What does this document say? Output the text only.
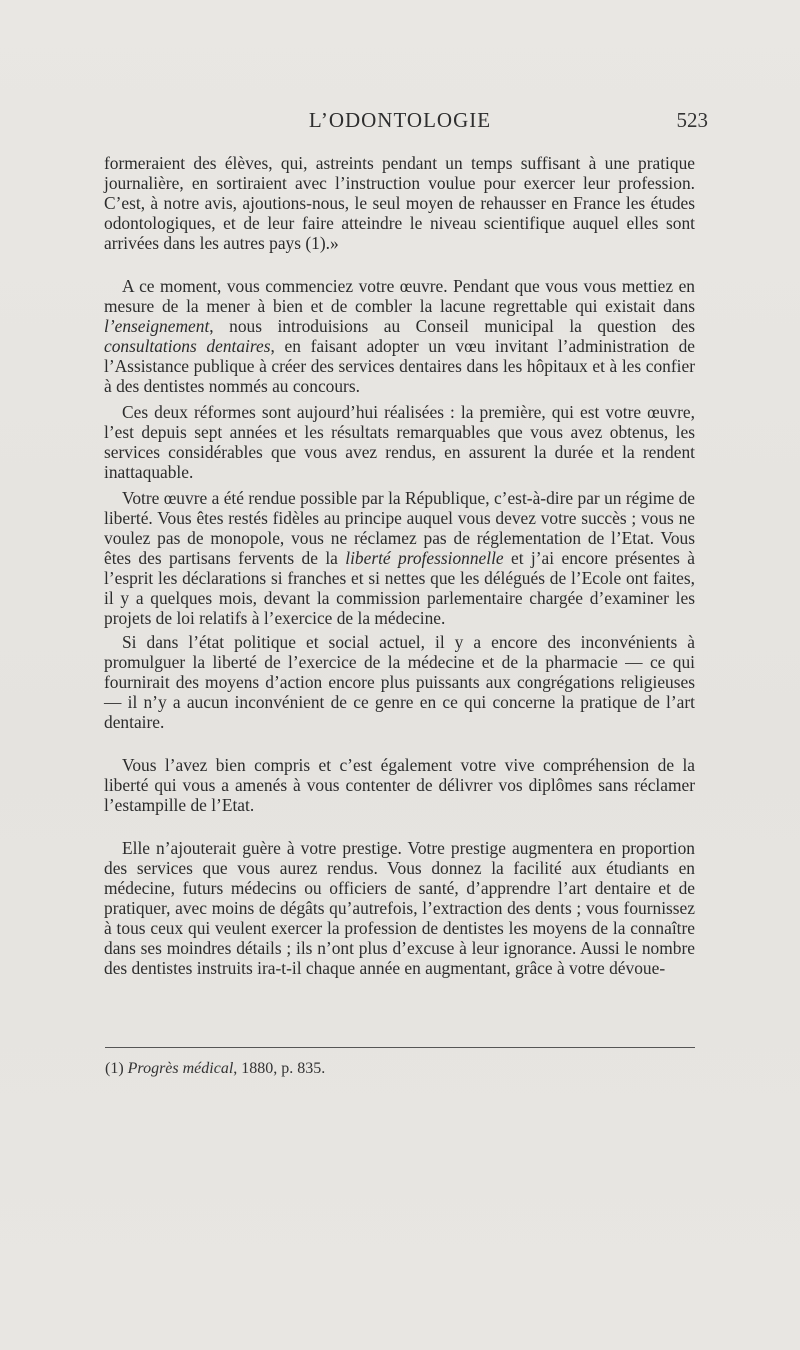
L’ODONTOLOGIE	523

formeraient des élèves, qui, astreints pendant un temps suffisant à une pratique journalière, en sortiraient avec l’instruction voulue pour exercer leur profession. C’est, à notre avis, ajoutions-nous, le seul moyen de rehausser en France les études odontologiques, et de leur faire atteindre le niveau scientifique auquel elles sont arrivées dans les autres pays (1).»

A ce moment, vous commenciez votre œuvre. Pendant que vous vous mettiez en mesure de la mener à bien et de combler la lacune regrettable qui existait dans l’enseignement, nous introduisions au Conseil municipal la question des consultations dentaires, en faisant adopter un vœu invitant l’administration de l’Assistance publique à créer des services dentaires dans les hôpitaux et à les confier à des dentistes nommés au concours.

Ces deux réformes sont aujourd’hui réalisées : la première, qui est votre œuvre, l’est depuis sept années et les résultats remarquables que vous avez obtenus, les services considérables que vous avez rendus, en assurent la durée et la rendent inattaquable.

Votre œuvre a été rendue possible par la République, c’est-à-dire par un régime de liberté. Vous êtes restés fidèles au principe auquel vous devez votre succès ; vous ne voulez pas de monopole, vous ne réclamez pas de réglementation de l’Etat. Vous êtes des partisans fervents de la liberté professionnelle et j’ai encore présentes à l’esprit les déclarations si franches et si nettes que les délégués de l’Ecole ont faites, il y a quelques mois, devant la commission parlementaire chargée d’examiner les projets de loi relatifs à l’exercice de la médecine.

Si dans l’état politique et social actuel, il y a encore des inconvénients à promulguer la liberté de l’exercice de la médecine et de la pharmacie — ce qui fournirait des moyens d’action encore plus puissants aux congrégations religieuses — il n’y a aucun inconvénient de ce genre en ce qui concerne la pratique de l’art dentaire.

Vous l’avez bien compris et c’est également votre vive compréhension de la liberté qui vous a amenés à vous contenter de délivrer vos diplômes sans réclamer l’estampille de l’Etat.

Elle n’ajouterait guère à votre prestige. Votre prestige augmentera en proportion des services que vous aurez rendus. Vous donnez la facilité aux étudiants en médecine, futurs médecins ou officiers de santé, d’apprendre l’art dentaire et de pratiquer, avec moins de dégâts qu’autrefois, l’extraction des dents ; vous fournissez à tous ceux qui veulent exercer la profession de dentistes les moyens de la connaître dans ses moindres détails ; ils n’ont plus d’excuse à leur ignorance. Aussi le nombre des dentistes instruits ira-t-il chaque année en augmentant, grâce à votre dévoue-

(1) Progrès médical, 1880, p. 835.
